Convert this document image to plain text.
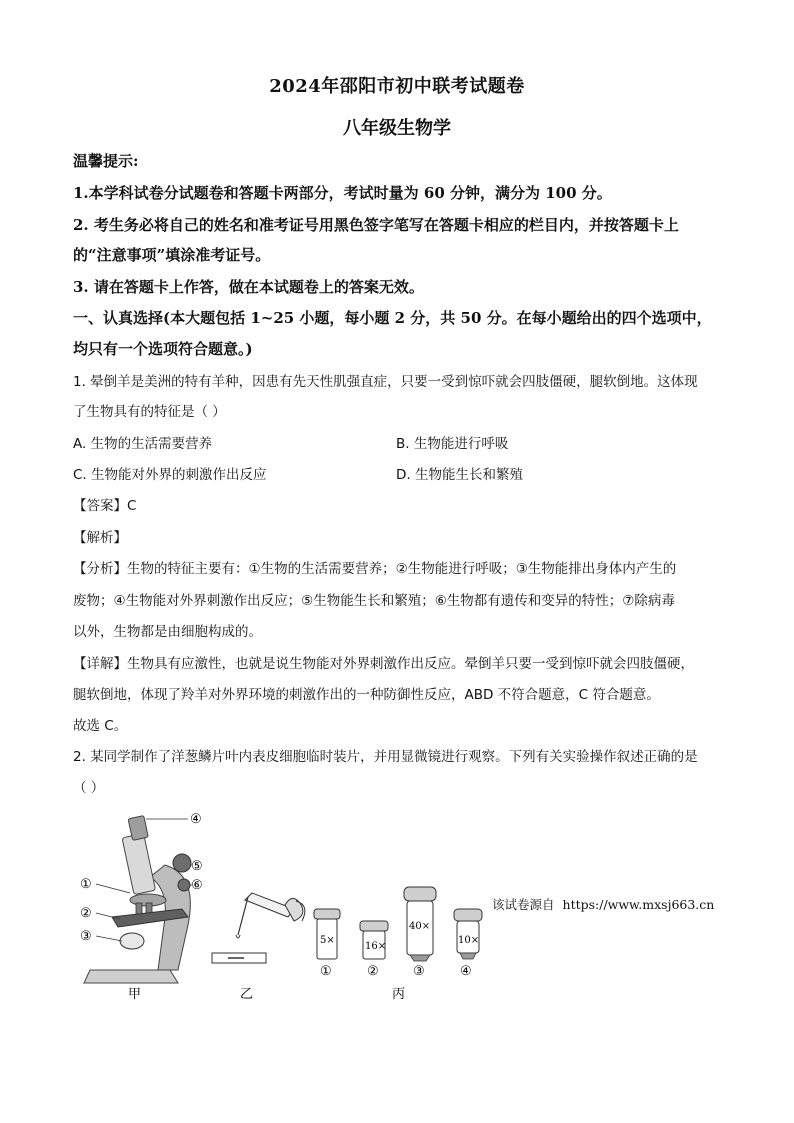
2024年邵阳市初中联考试题卷
八年级生物学
温馨提示:
1.本学科试卷分试题卷和答题卡两部分，考试时量为 60 分钟，满分为 100 分。
2. 考生务必将自己的姓名和准考证号用黑色签字笔写在答题卡相应的栏目内，并按答题卡上
的“注意事项”填涂准考证号。
3. 请在答题卡上作答，做在本试题卷上的答案无效。
一、认真选择(本大题包括 1~25 小题，每小题 2 分，共 50 分。在每小题给出的四个选项中，
均只有一个选项符合题意。)
1. 晕倒羊是美洲的特有羊种，因患有先天性肌强直症，只要一受到惊吓就会四肢僵硬，腿软倒地。这体现
了生物具有的特征是（ ）
A. 生物的生活需要营养	B. 生物能进行呼吸
C. 生物能对外界的刺激作出反应	D. 生物能生长和繁殖
【答案】C
【解析】
【分析】生物的特征主要有：①生物的生活需要营养；②生物能进行呼吸；③生物能排出身体内产生的
废物；④生物能对外界刺激作出反应；⑤生物能生长和繁殖；⑥生物都有遗传和变异的特性；⑦除病毒
以外，生物都是由细胞构成的。
【详解】生物具有应激性，也就是说生物能对外界刺激作出反应。晕倒羊只要一受到惊吓就会四肢僵硬，
腿软倒地，体现了羚羊对外界环境的刺激作出的一种防御性反应，ABD 不符合题意，C 符合题意。
故选 C。
2. 某同学制作了洋葱鳞片叶内表皮细胞临时装片，并用显微镜进行观察。下列有关实验操作叙述正确的是
（ ）
④
⑤
⑥
①
②
③
甲	乙
5×
①
16×
②
40×
③
10×
④
丙
该试卷源自 https://www.mxsj663.cn
